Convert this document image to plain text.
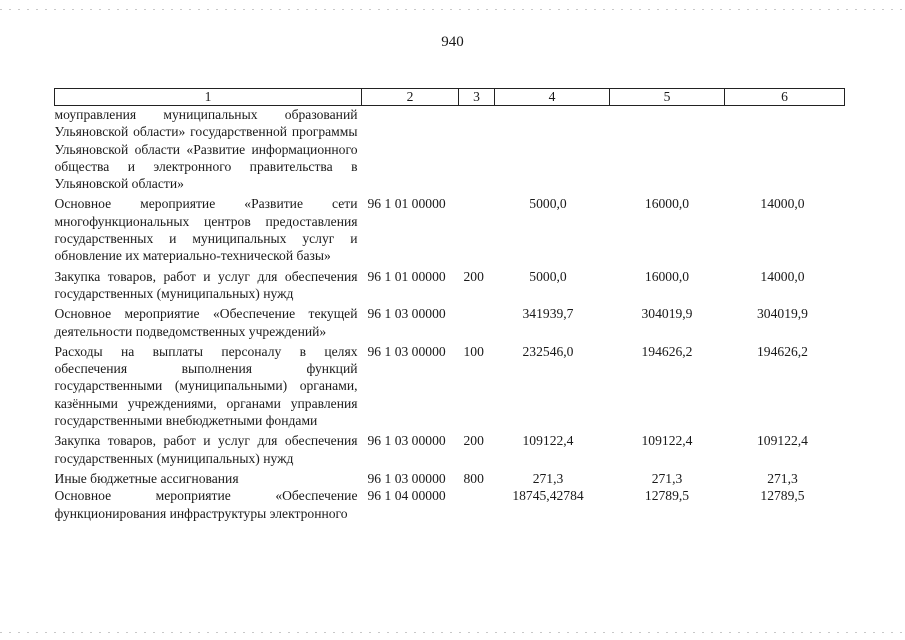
940
1	2	3	4	5	6
моуправления муниципальных образований Ульяновской области» государственной программы Ульяновской области «Развитие информационного общества и электронного правительства в Ульяновской области»					
Основное мероприятие «Развитие сети многофункциональных центров предоставления государственных и муниципальных услуг и обновление их материально-технической базы»	96 1 01 00000		5000,0	16000,0	14000,0
Закупка товаров, работ и услуг для обеспечения государственных (муниципальных) нужд	96 1 01 00000	200	5000,0	16000,0	14000,0
Основное мероприятие «Обеспечение текущей деятельности подведомственных учреждений»	96 1 03 00000		341939,7	304019,9	304019,9
Расходы на выплаты персоналу в целях обеспечения выполнения функций государственными (муниципальными) органами, казёнными учреждениями, органами управления государственными внебюджетными фондами	96 1 03 00000	100	232546,0	194626,2	194626,2
Закупка товаров, работ и услуг для обеспечения государственных (муниципальных) нужд	96 1 03 00000	200	109122,4	109122,4	109122,4
Иные бюджетные ассигнования	96 1 03 00000	800	271,3	271,3	271,3
Основное мероприятие «Обеспечение функционирования инфраструктуры электронного	96 1 04 00000		18745,42784	12789,5	12789,5
